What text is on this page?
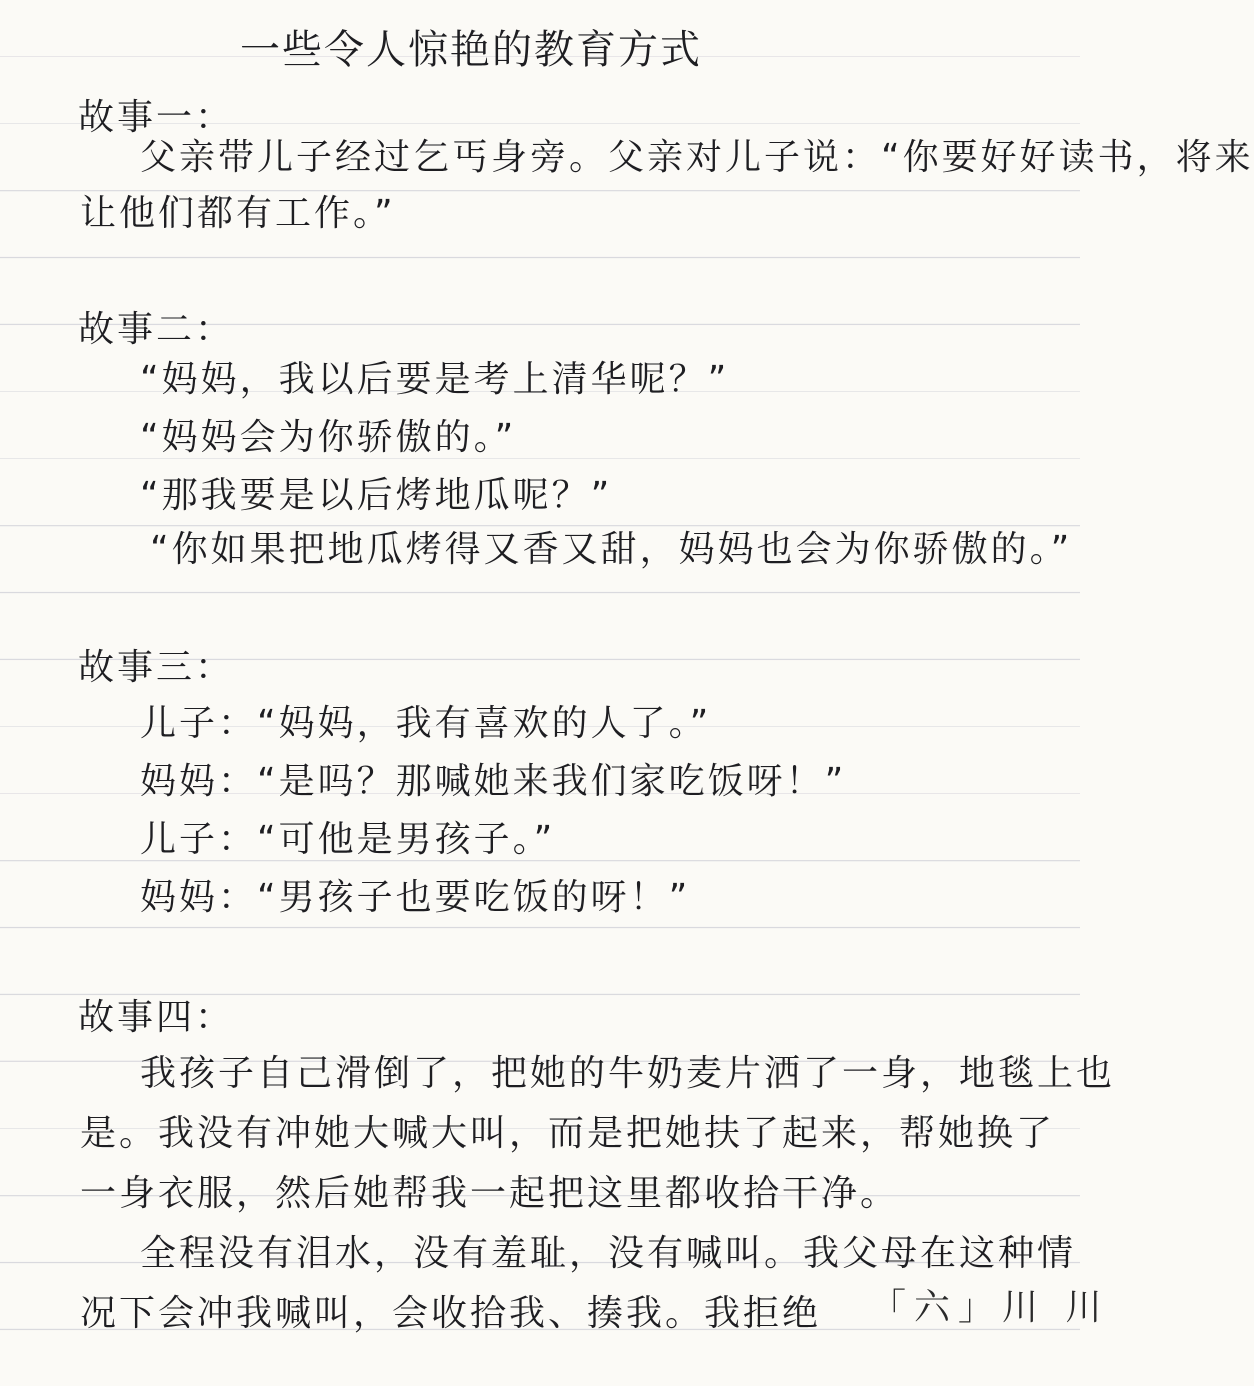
一些令人惊艳的教育方式
故事一：
父亲带儿子经过乞丐身旁。父亲对儿子说：“你要好好读书，将来
让他们都有工作。”
故事二：
“妈妈，我以后要是考上清华呢？”
“妈妈会为你骄傲的。”
“那我要是以后烤地瓜呢？”
“你如果把地瓜烤得又香又甜，妈妈也会为你骄傲的。”
故事三：
儿子：“妈妈，我有喜欢的人了。”
妈妈：“是吗？那喊她来我们家吃饭呀！”
儿子：“可他是男孩子。”
妈妈：“男孩子也要吃饭的呀！”
故事四：
我孩子自己滑倒了，把她的牛奶麦片洒了一身，地毯上也
是。我没有冲她大喊大叫，而是把她扶了起来，帮她换了
一身衣服，然后她帮我一起把这里都收拾干净。
全程没有泪水，没有羞耻，没有喊叫。我父母在这种情
况下会冲我喊叫，会收拾我、揍我。我拒绝 「六」川 川
